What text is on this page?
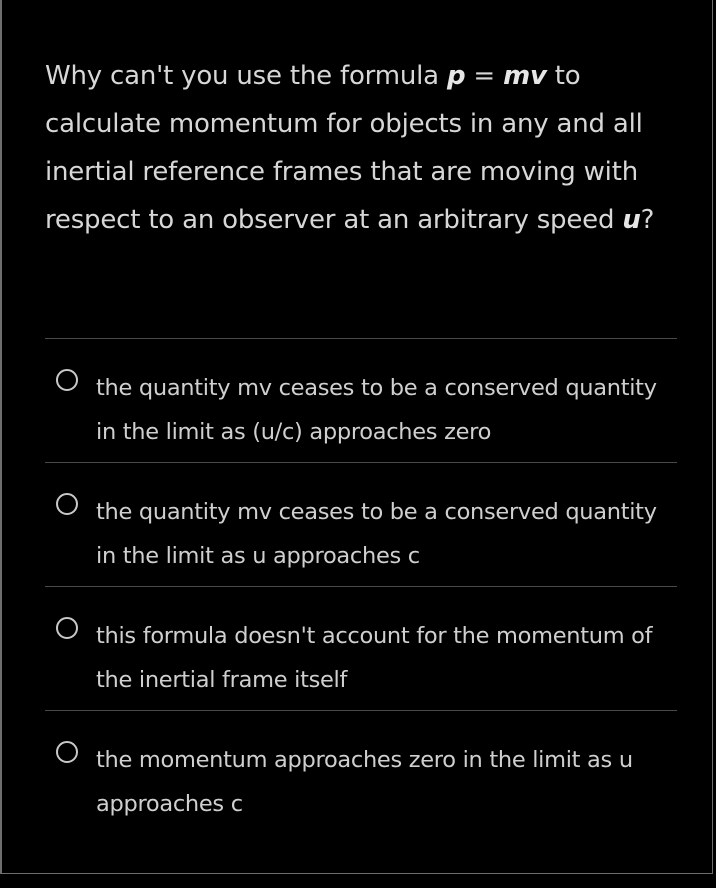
Why can't you use the formula p = mv to calculate momentum for objects in any and all inertial reference frames that are moving with respect to an observer at an arbitrary speed u?
the quantity mv ceases to be a conserved quantity in the limit as (u/c) approaches zero
the quantity mv ceases to be a conserved quantity in the limit as u approaches c
this formula doesn't account for the momentum of the inertial frame itself
the momentum approaches zero in the limit as u approaches c
